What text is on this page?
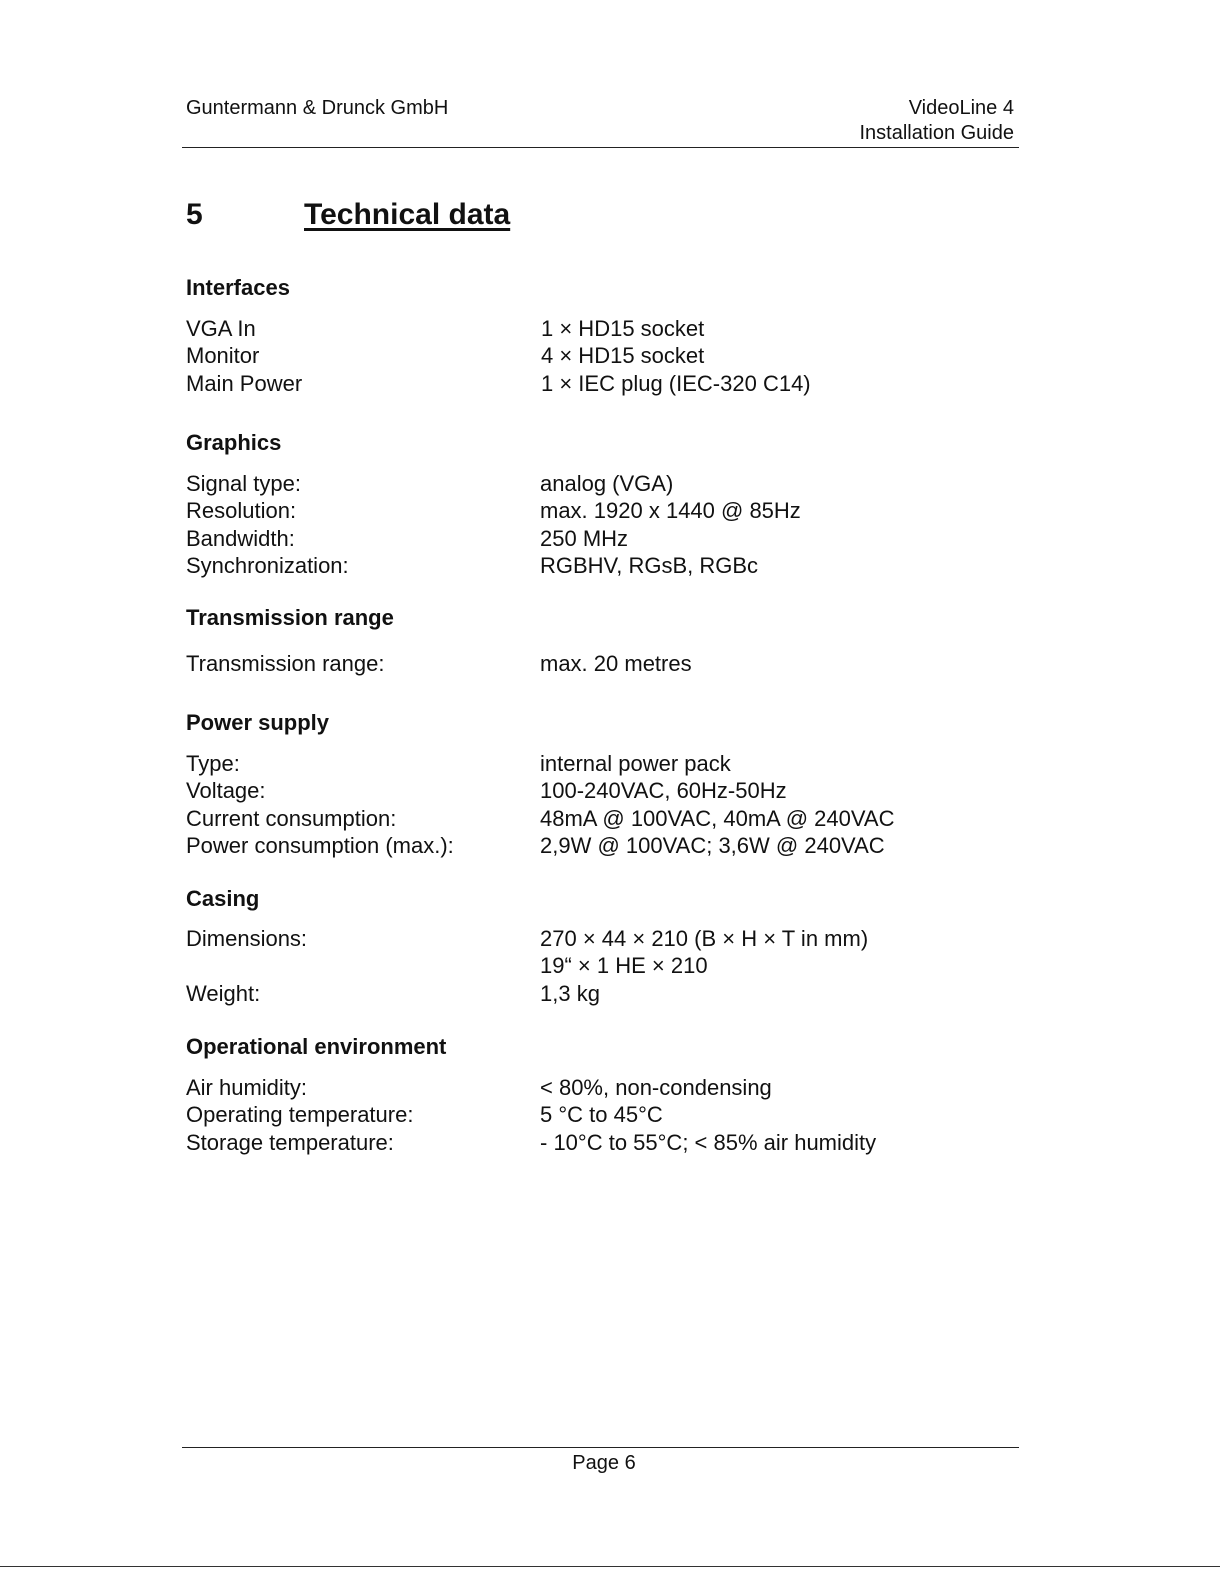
Guntermann & Drunck GmbH	VideoLine 4
Installation Guide
5	Technical data
Interfaces
VGA In	1 × HD15 socket
Monitor	4 × HD15 socket
Main Power	1 × IEC plug (IEC-320 C14)
Graphics
Signal type:	analog (VGA)
Resolution:	max. 1920 x 1440 @ 85Hz
Bandwidth:	250 MHz
Synchronization:	RGBHV, RGsB, RGBc
Transmission range
Transmission range:	max. 20 metres
Power supply
Type:	internal power pack
Voltage:	100-240VAC, 60Hz-50Hz
Current consumption:	48mA @ 100VAC, 40mA @ 240VAC
Power consumption (max.):	2,9W @ 100VAC; 3,6W @ 240VAC
Casing
Dimensions:	270 × 44 × 210 (B × H × T in mm)
19“ × 1 HE × 210
Weight:	1,3 kg
Operational environment
Air humidity:	< 80%, non-condensing
Operating temperature:	5 °C to 45°C
Storage temperature:	- 10°C to 55°C; < 85% air humidity
Page 6
